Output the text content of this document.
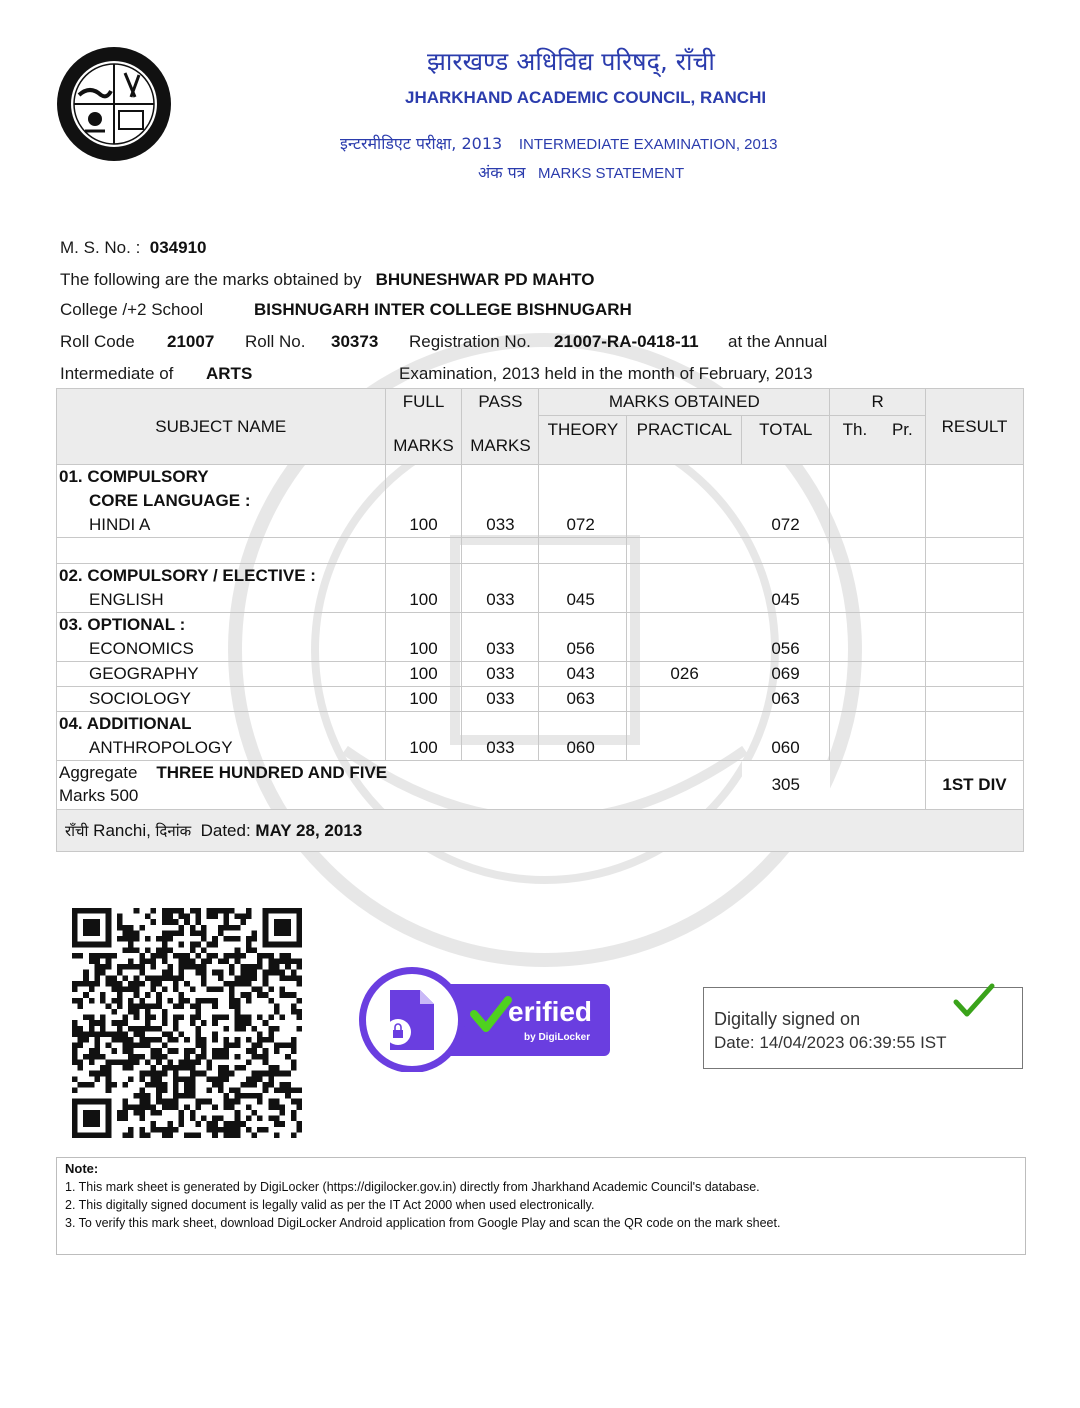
झारखण्ड अधिविद्य परिषद्, राँची
JHARKHAND ACADEMIC COUNCIL, RANCHI
इन्टरमीडिएट परीक्षा, 2013 INTERMEDIATE EXAMINATION, 2013
अंक पत्र MARKS STATEMENT
M. S. No. : 034910
The following are the marks obtained by BHUNESHWAR PD MAHTO
College /+2 School	BISHNUGARH INTER COLLEGE BISHNUGARH
Roll Code 21007 Roll No. 30373 Registration No. 21007-RA-0418-11 at the Annual
Intermediate of ARTS	Examination, 2013 held in the month of February, 2013
SUBJECT NAME	FULL	PASS	MARKS OBTAINED			R		RESULT
	MARKS	MARKS	THEORY	PRACTICAL	TOTAL	Th.	Pr.	

01. COMPULSORY
CORE LANGUAGE :
HINDI A	100	033	072		072			

02. COMPULSORY / ELECTIVE :
ENGLISH	100	033	045		045			

03. OPTIONAL :
ECONOMICS	100	033	056		056			

GEOGRAPHY	100	033	043	026	069			

SOCIOLOGY	100	033	063		063			

04. ADDITIONAL
ANTHROPOLOGY	100	033	060		060			
Aggregate THREE HUNDRED AND FIVE
Marks 500					305			1ST DIV
राँची Ranchi, दिनांक Dated: MAY 28, 2013								
erified
by DigiLocker
Digitally signed on
Date: 14/04/2023 06:39:55 IST
Note:
1. This mark sheet is generated by DigiLocker (https://digilocker.gov.in) directly from Jharkhand Academic Council's database.
2. This digitally signed document is legally valid as per the IT Act 2000 when used electronically.
3. To verify this mark sheet, download DigiLocker Android application from Google Play and scan the QR code on the mark sheet.
